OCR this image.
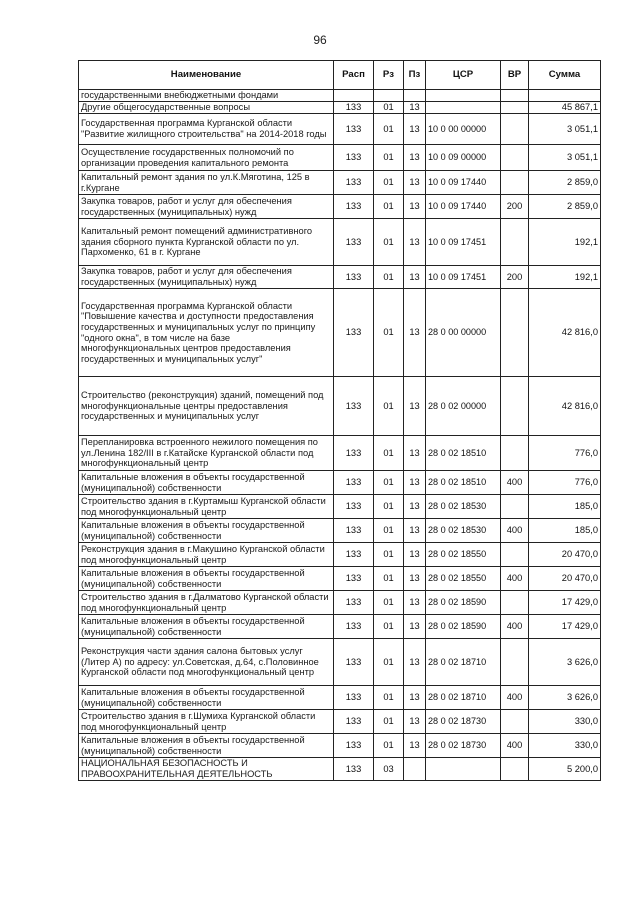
96
Наименование	Расп	Рз	Пз	ЦСР	ВР	Сумма
государственными внебюджетными фондами						
Другие общегосударственные вопросы	133	01	13			45 867,1
Государственная программа Курганской области "Развитие жилищного строительства" на 2014-2018 годы	133	01	13	10 0 00 00000		3 051,1
Осуществление государственных полномочий по организации проведения капитального ремонта	133	01	13	10 0 09 00000		3 051,1
Капитальный ремонт здания по ул.К.Мяготина, 125 в г.Кургане	133	01	13	10 0 09 17440		2 859,0
Закупка товаров, работ и услуг для обеспечения государственных (муниципальных) нужд	133	01	13	10 0 09 17440	200	2 859,0
Капитальный ремонт помещений административного здания сборного пункта Курганской области по ул. Пархоменко, 61 в г. Кургане	133	01	13	10 0 09 17451		192,1
Закупка товаров, работ и услуг для обеспечения государственных (муниципальных) нужд	133	01	13	10 0 09 17451	200	192,1
Государственная программа Курганской области "Повышение качества и доступности предоставления государственных и муниципальных услуг по принципу "одного окна", в том числе на базе многофункциональных центров предоставления государственных и муниципальных услуг"	133	01	13	28 0 00 00000		42 816,0
Строительство (реконструкция) зданий, помещений под многофункциональные центры предоставления государственных и муниципальных услуг	133	01	13	28 0 02 00000		42 816,0
Перепланировка встроенного нежилого помещения по ул.Ленина 182/III в г.Катайске Курганской области под многофункциональный центр	133	01	13	28 0 02 18510		776,0
Капитальные вложения в объекты государственной (муниципальной) собственности	133	01	13	28 0 02 18510	400	776,0
Строительство здания в г.Куртамыш Курганской области под многофункциональный центр	133	01	13	28 0 02 18530		185,0
Капитальные вложения в объекты государственной (муниципальной) собственности	133	01	13	28 0 02 18530	400	185,0
Реконструкция здания в г.Макушино Курганской области под многофункциональный центр	133	01	13	28 0 02 18550		20 470,0
Капитальные вложения в объекты государственной (муниципальной) собственности	133	01	13	28 0 02 18550	400	20 470,0
Строительство здания в г.Далматово Курганской области под многофункциональный центр	133	01	13	28 0 02 18590		17 429,0
Капитальные вложения в объекты государственной (муниципальной) собственности	133	01	13	28 0 02 18590	400	17 429,0
Реконструкция части здания салона бытовых услуг (Литер А) по адресу: ул.Советская, д.64, с.Половинное Курганской области под многофункциональный центр	133	01	13	28 0 02 18710		3 626,0
Капитальные вложения в объекты государственной (муниципальной) собственности	133	01	13	28 0 02 18710	400	3 626,0
Строительство здания в г.Шумиха Курганской области под многофункциональный центр	133	01	13	28 0 02 18730		330,0
Капитальные вложения в объекты государственной (муниципальной) собственности	133	01	13	28 0 02 18730	400	330,0
НАЦИОНАЛЬНАЯ БЕЗОПАСНОСТЬ И ПРАВООХРАНИТЕЛЬНАЯ ДЕЯТЕЛЬНОСТЬ	133	03				5 200,0
